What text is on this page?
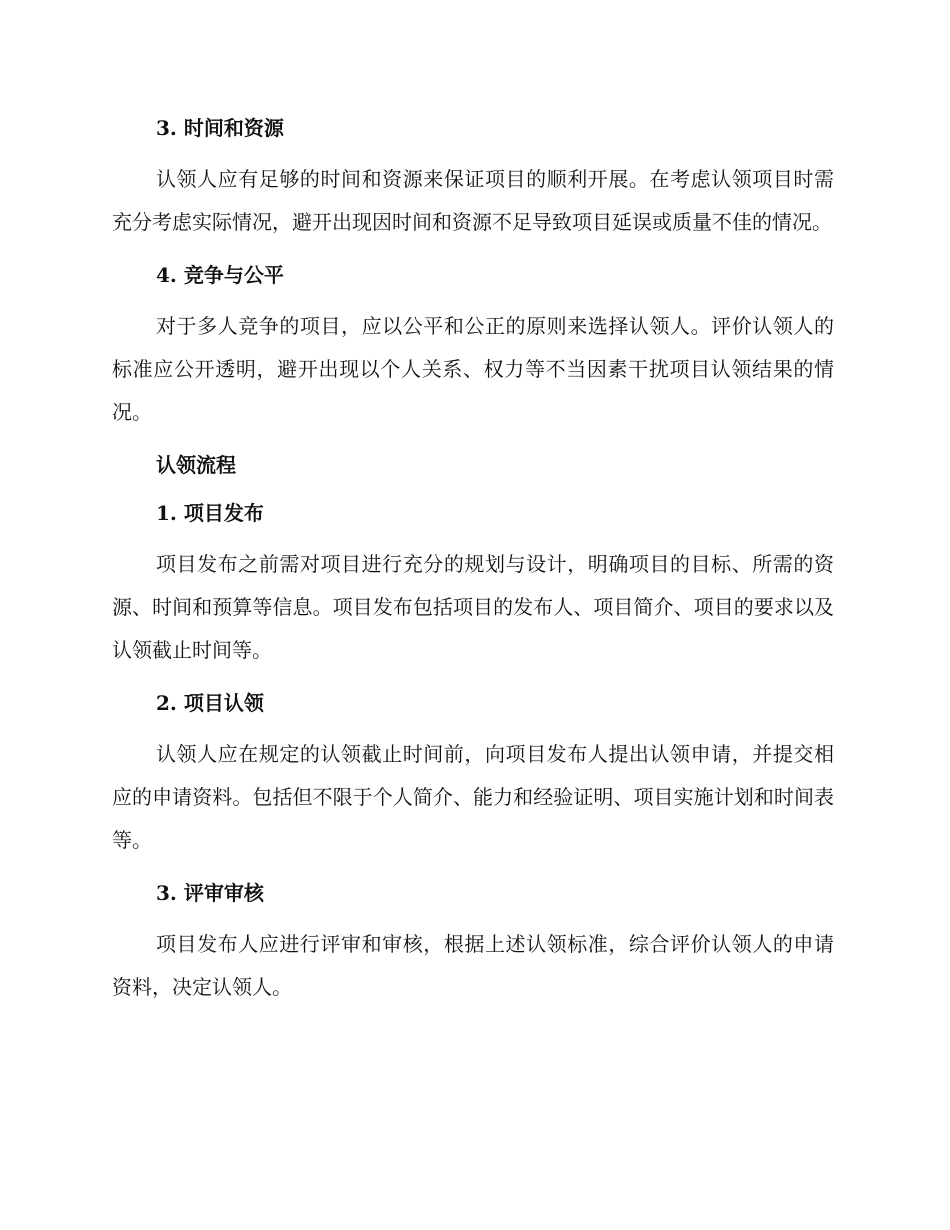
3. 时间和资源

认领人应有足够的时间和资源来保证项目的顺利开展。在考虑认领项目时需充分考虑实际情况，避开出现因时间和资源不足导致项目延误或质量不佳的情况。

4. 竞争与公平

对于多人竞争的项目，应以公平和公正的原则来选择认领人。评价认领人的标准应公开透明，避开出现以个人关系、权力等不当因素干扰项目认领结果的情况。

认领流程
1. 项目发布

项目发布之前需对项目进行充分的规划与设计，明确项目的目标、所需的资源、时间和预算等信息。项目发布包括项目的发布人、项目简介、项目的要求以及认领截止时间等。

2. 项目认领

认领人应在规定的认领截止时间前，向项目发布人提出认领申请，并提交相应的申请资料。包括但不限于个人简介、能力和经验证明、项目实施计划和时间表等。

3. 评审审核

项目发布人应进行评审和审核，根据上述认领标准，综合评价认领人的申请资料，决定认领人。
